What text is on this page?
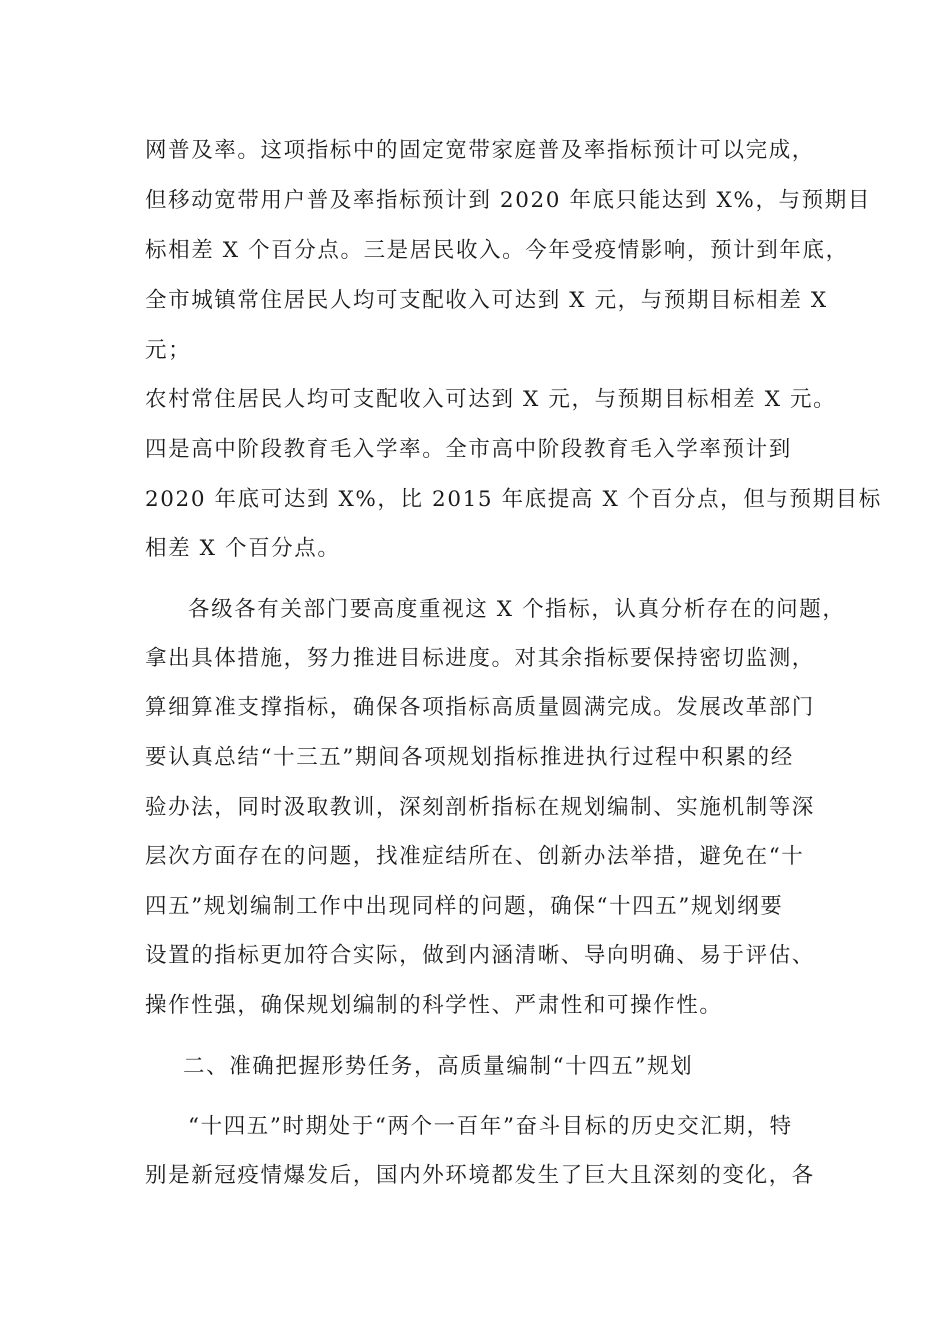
网普及率。这项指标中的固定宽带家庭普及率指标预计可以完成，
但移动宽带用户普及率指标预计到 2020 年底只能达到 X%，与预期目
标相差 X 个百分点。三是居民收入。今年受疫情影响，预计到年底，
全市城镇常住居民人均可支配收入可达到 X 元，与预期目标相差 X
元；
农村常住居民人均可支配收入可达到 X 元，与预期目标相差 X 元。
四是高中阶段教育毛入学率。全市高中阶段教育毛入学率预计到
2020 年底可达到 X%，比 2015 年底提高 X 个百分点，但与预期目标
相差 X 个百分点。
各级各有关部门要高度重视这 X 个指标，认真分析存在的问题，
拿出具体措施，努力推进目标进度。对其余指标要保持密切监测，
算细算准支撑指标，确保各项指标高质量圆满完成。发展改革部门
要认真总结“十三五”期间各项规划指标推进执行过程中积累的经
验办法，同时汲取教训，深刻剖析指标在规划编制、实施机制等深
层次方面存在的问题，找准症结所在、创新办法举措，避免在“十
四五”规划编制工作中出现同样的问题，确保“十四五”规划纲要
设置的指标更加符合实际，做到内涵清晰、导向明确、易于评估、
操作性强，确保规划编制的科学性、严肃性和可操作性。
二、准确把握形势任务，高质量编制“十四五”规划
“十四五”时期处于“两个一百年”奋斗目标的历史交汇期，特
别是新冠疫情爆发后，国内外环境都发生了巨大且深刻的变化，各
